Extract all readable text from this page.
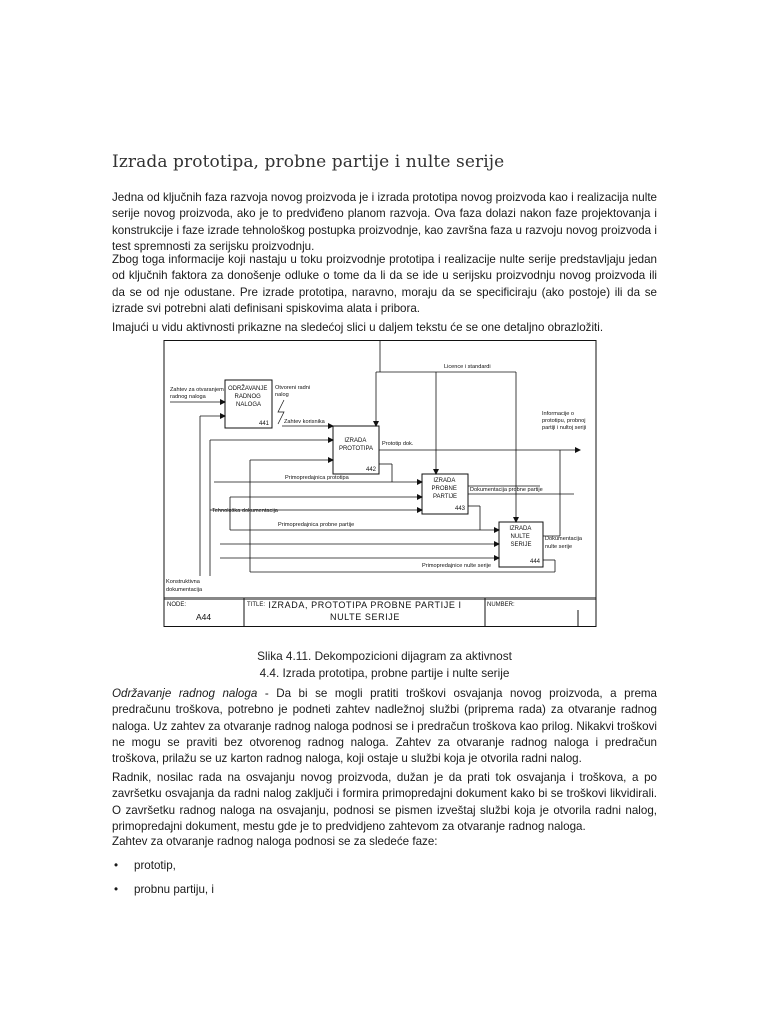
Izrada prototipa, probne partije i nulte serije

Jedna od ključnih faza razvoja novog proizvoda je i izrada prototipa novog proizvoda kao i realizacija nulte serije novog proizvoda, ako je to predviđeno planom razvoja. Ova faza dolazi nakon faze projektovanja i konstrukcije i faze izrade tehnološkog postupka proizvodnje, kao završna faza u razvoju novog proizvoda i test spremnosti za serijsku proizvodnju.

Zbog toga informacije koji nastaju u toku proizvodnje prototipa i realizacije nulte serije predstavljaju jedan od ključnih faktora za donošenje odluke o tome da li da se ide u serijsku proizvodnju novog proizvoda ili da se od nje odustane. Pre izrade prototipa, naravno, moraju da se specificiraju (ako postoje) ili da se izrade svi potrebni alati definisani spiskovima alata i pribora.

Imajući u vidu aktivnosti prikazne na sledećoj slici u daljem tekstu će se one detaljno obrazložiti.

NODE:
A44
TITLE: IZRADA, PROTOTIPA PROBNE PARTIJE I
NULTE SERIJE
NUMBER:
ODRŽAVANJE RADNOG NALOGA
441
IZRADA PROTOTIPA
442
IZRADA PROBNE PARTIJE
443
IZRADA NULTE SERIJE
444
Licence i standardi
Zahtev za otvaranjem radnog naloga
Otvoreni radni nalog
Zahtev korisnika
Informacije o prototipu, probnoj partiji i nultoj seriji
Prototip dok.
Primopredajnica prototipa
Dokumentacija probne partije
Tehnološka dokumentacija
Primopredajnica probne partije
Dokumentacija nulte serije
Primopredajnice nulte serije
Konstruktivna dokumentacija

Slika 4.11. Dekompozicioni dijagram za aktivnost
4.4. Izrada prototipa, probne partije i nulte serije

Održavanje radnog naloga - Da bi se mogli pratiti troškovi osvajanja novog proizvoda, a prema predračunu troškova, potrebno je podneti zahtev nadležnoj službi (priprema rada) za otvaranje radnog naloga. Uz zahtev za otvaranje radnog naloga podnosi se i predračun troškova kao prilog. Nikakvi troškovi ne mogu se praviti bez otvorenog radnog naloga. Zahtev za otvaranje radnog naloga i predračun troškova, prilažu se uz karton radnog naloga, koji ostaje u službi koja je otvorila radni nalog.

Radnik, nosilac rada na osvajanju novog proizvoda, dužan je da prati tok osvajanja i troškova, a po završetku osvajanja da radni nalog zaključi i formira primopredajni dokument kako bi se troškovi likvidirali. O završetku radnog naloga na osvajanju, podnosi se pismen izveštaj službi koja je otvorila radni nalog, primopredajni dokument, mestu gde je to predvidjeno zahtevom za otvaranje radnog naloga.

Zahtev za otvaranje radnog naloga podnosi se za sledeće faze:

• prototip,
• probnu partiju, i
